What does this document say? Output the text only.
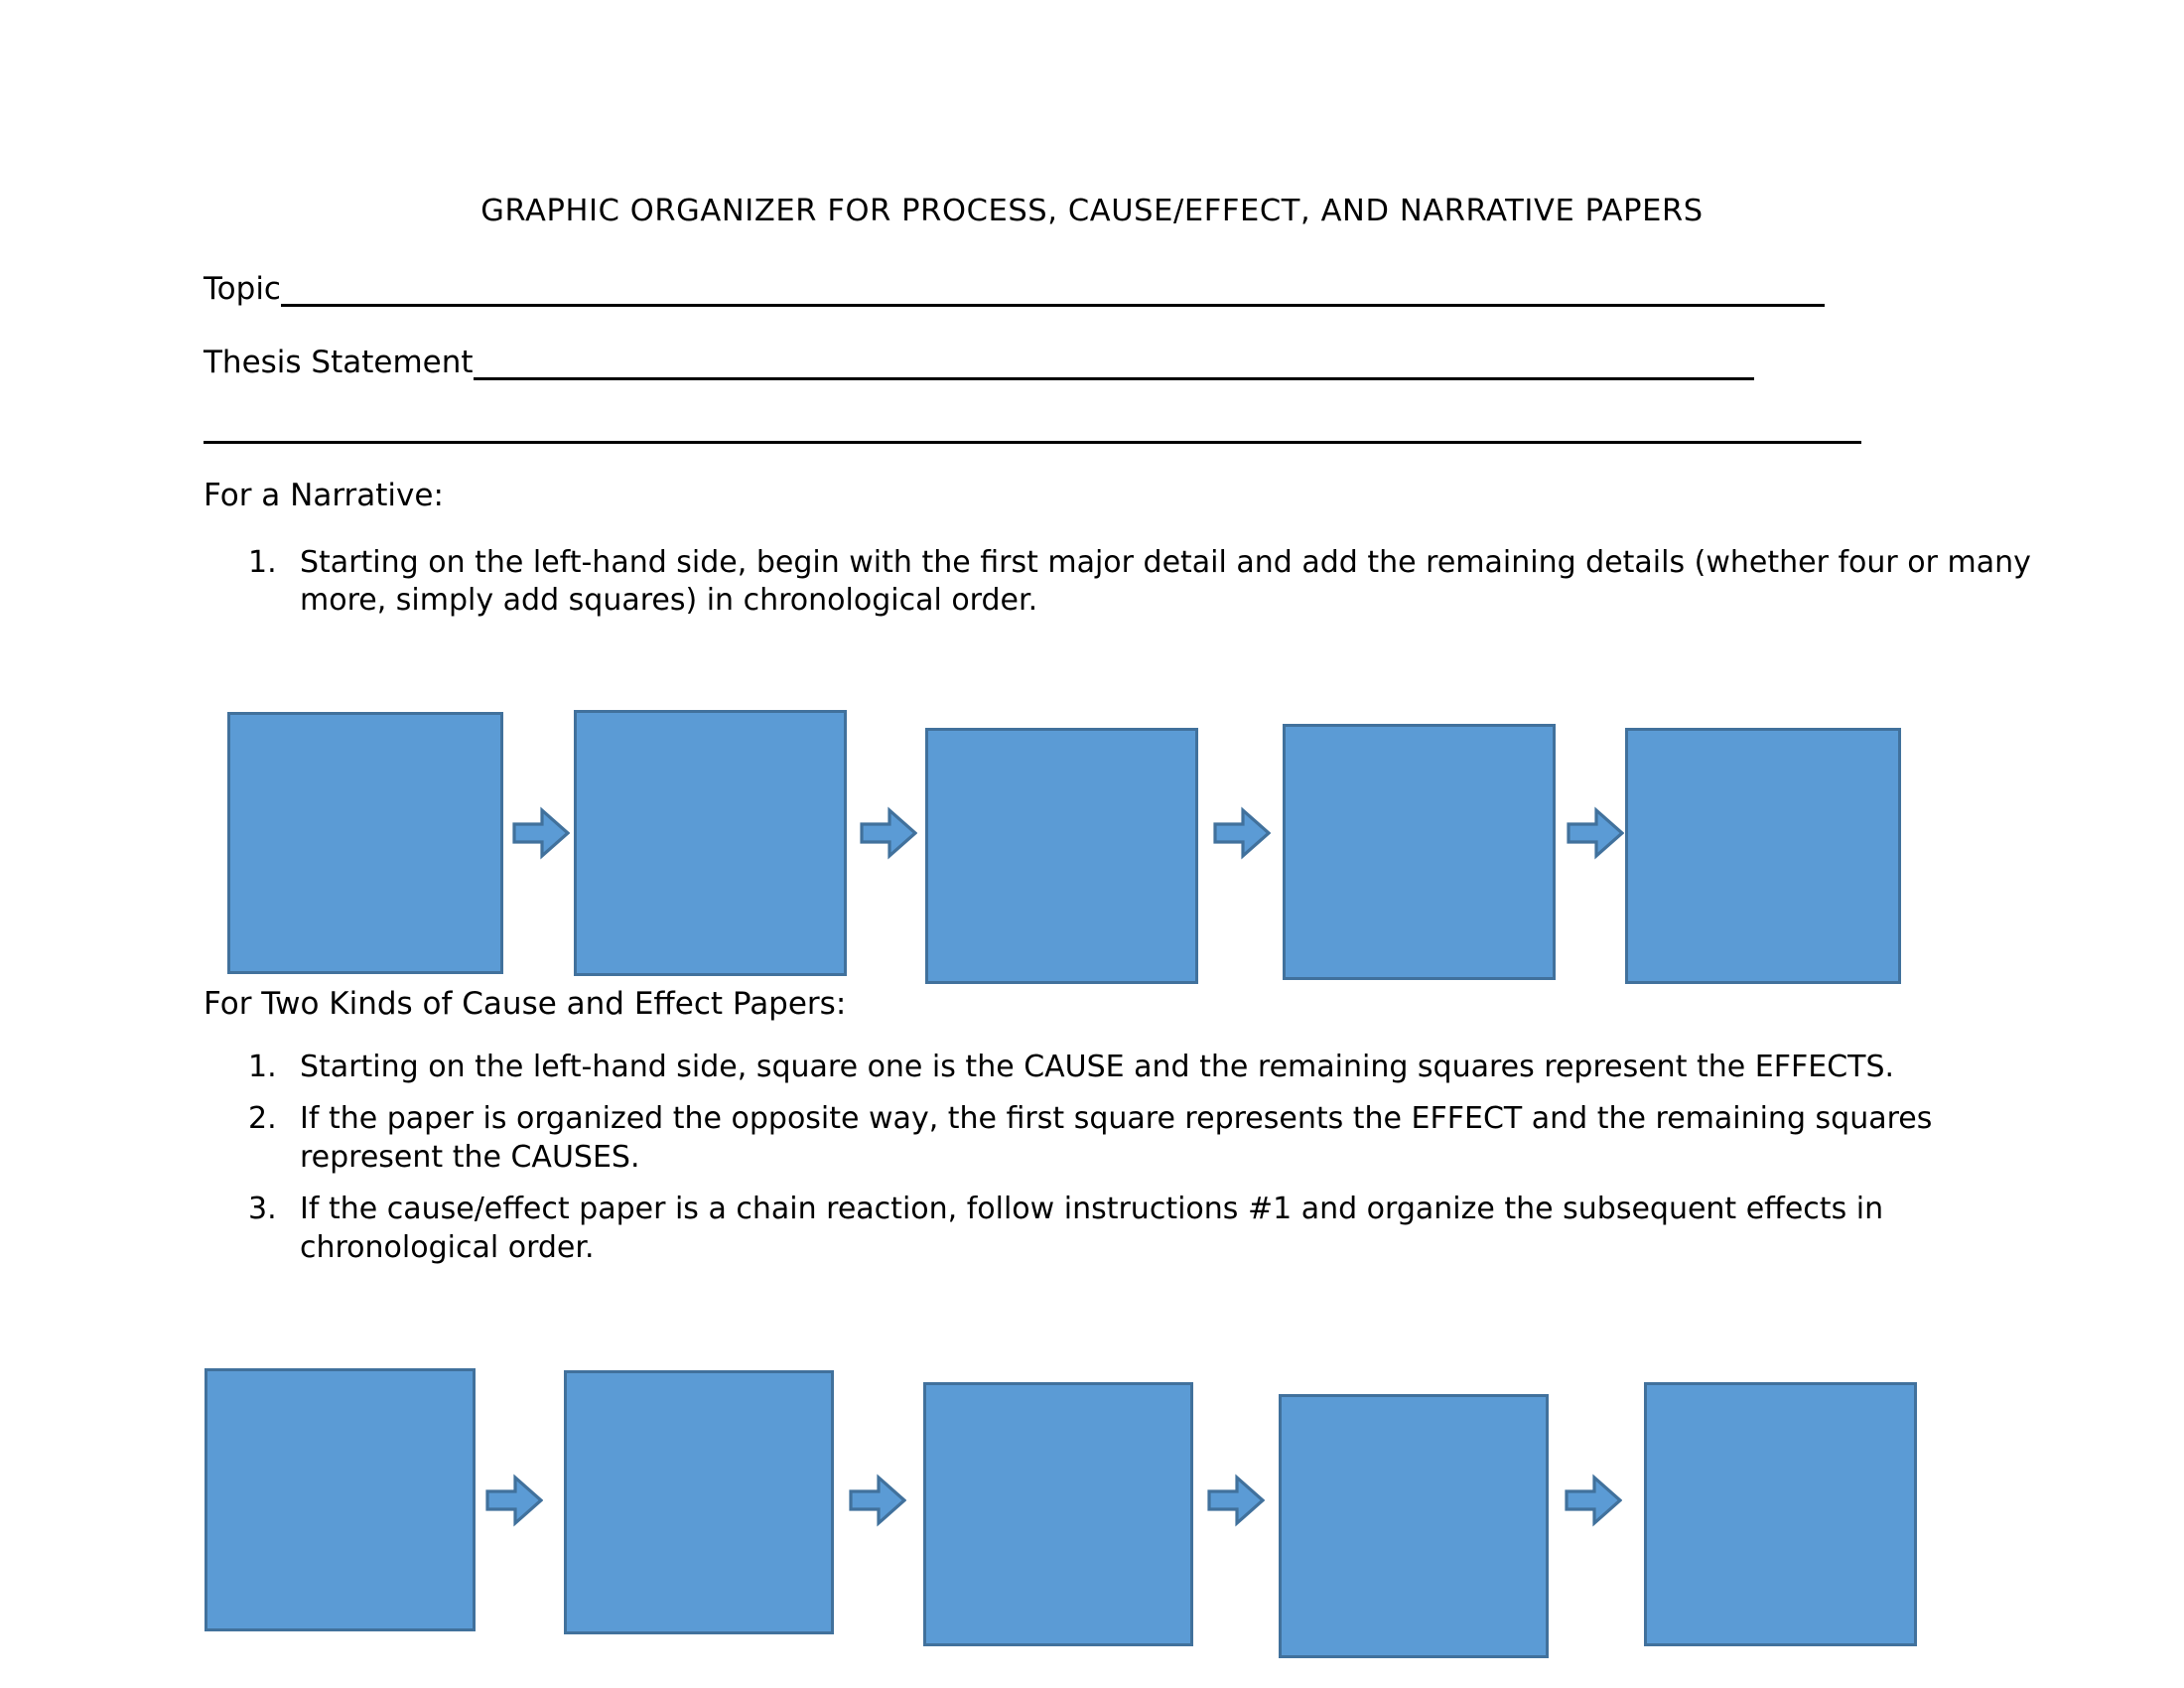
GRAPHIC ORGANIZER FOR PROCESS, CAUSE/EFFECT, AND NARRATIVE PAPERS
Topic
Thesis Statement
For a Narrative:
1. Starting on the left-hand side, begin with the first major detail and add the remaining details (whether four or many more, simply add squares) in chronological order.
For Two Kinds of Cause and Effect Papers:
1. Starting on the left-hand side, square one is the CAUSE and the remaining squares represent the EFFECTS.
2. If the paper is organized the opposite way, the first square represents the EFFECT and the remaining squares represent the CAUSES.
3. If the cause/effect paper is a chain reaction, follow instructions #1 and organize the subsequent effects in chronological order.
